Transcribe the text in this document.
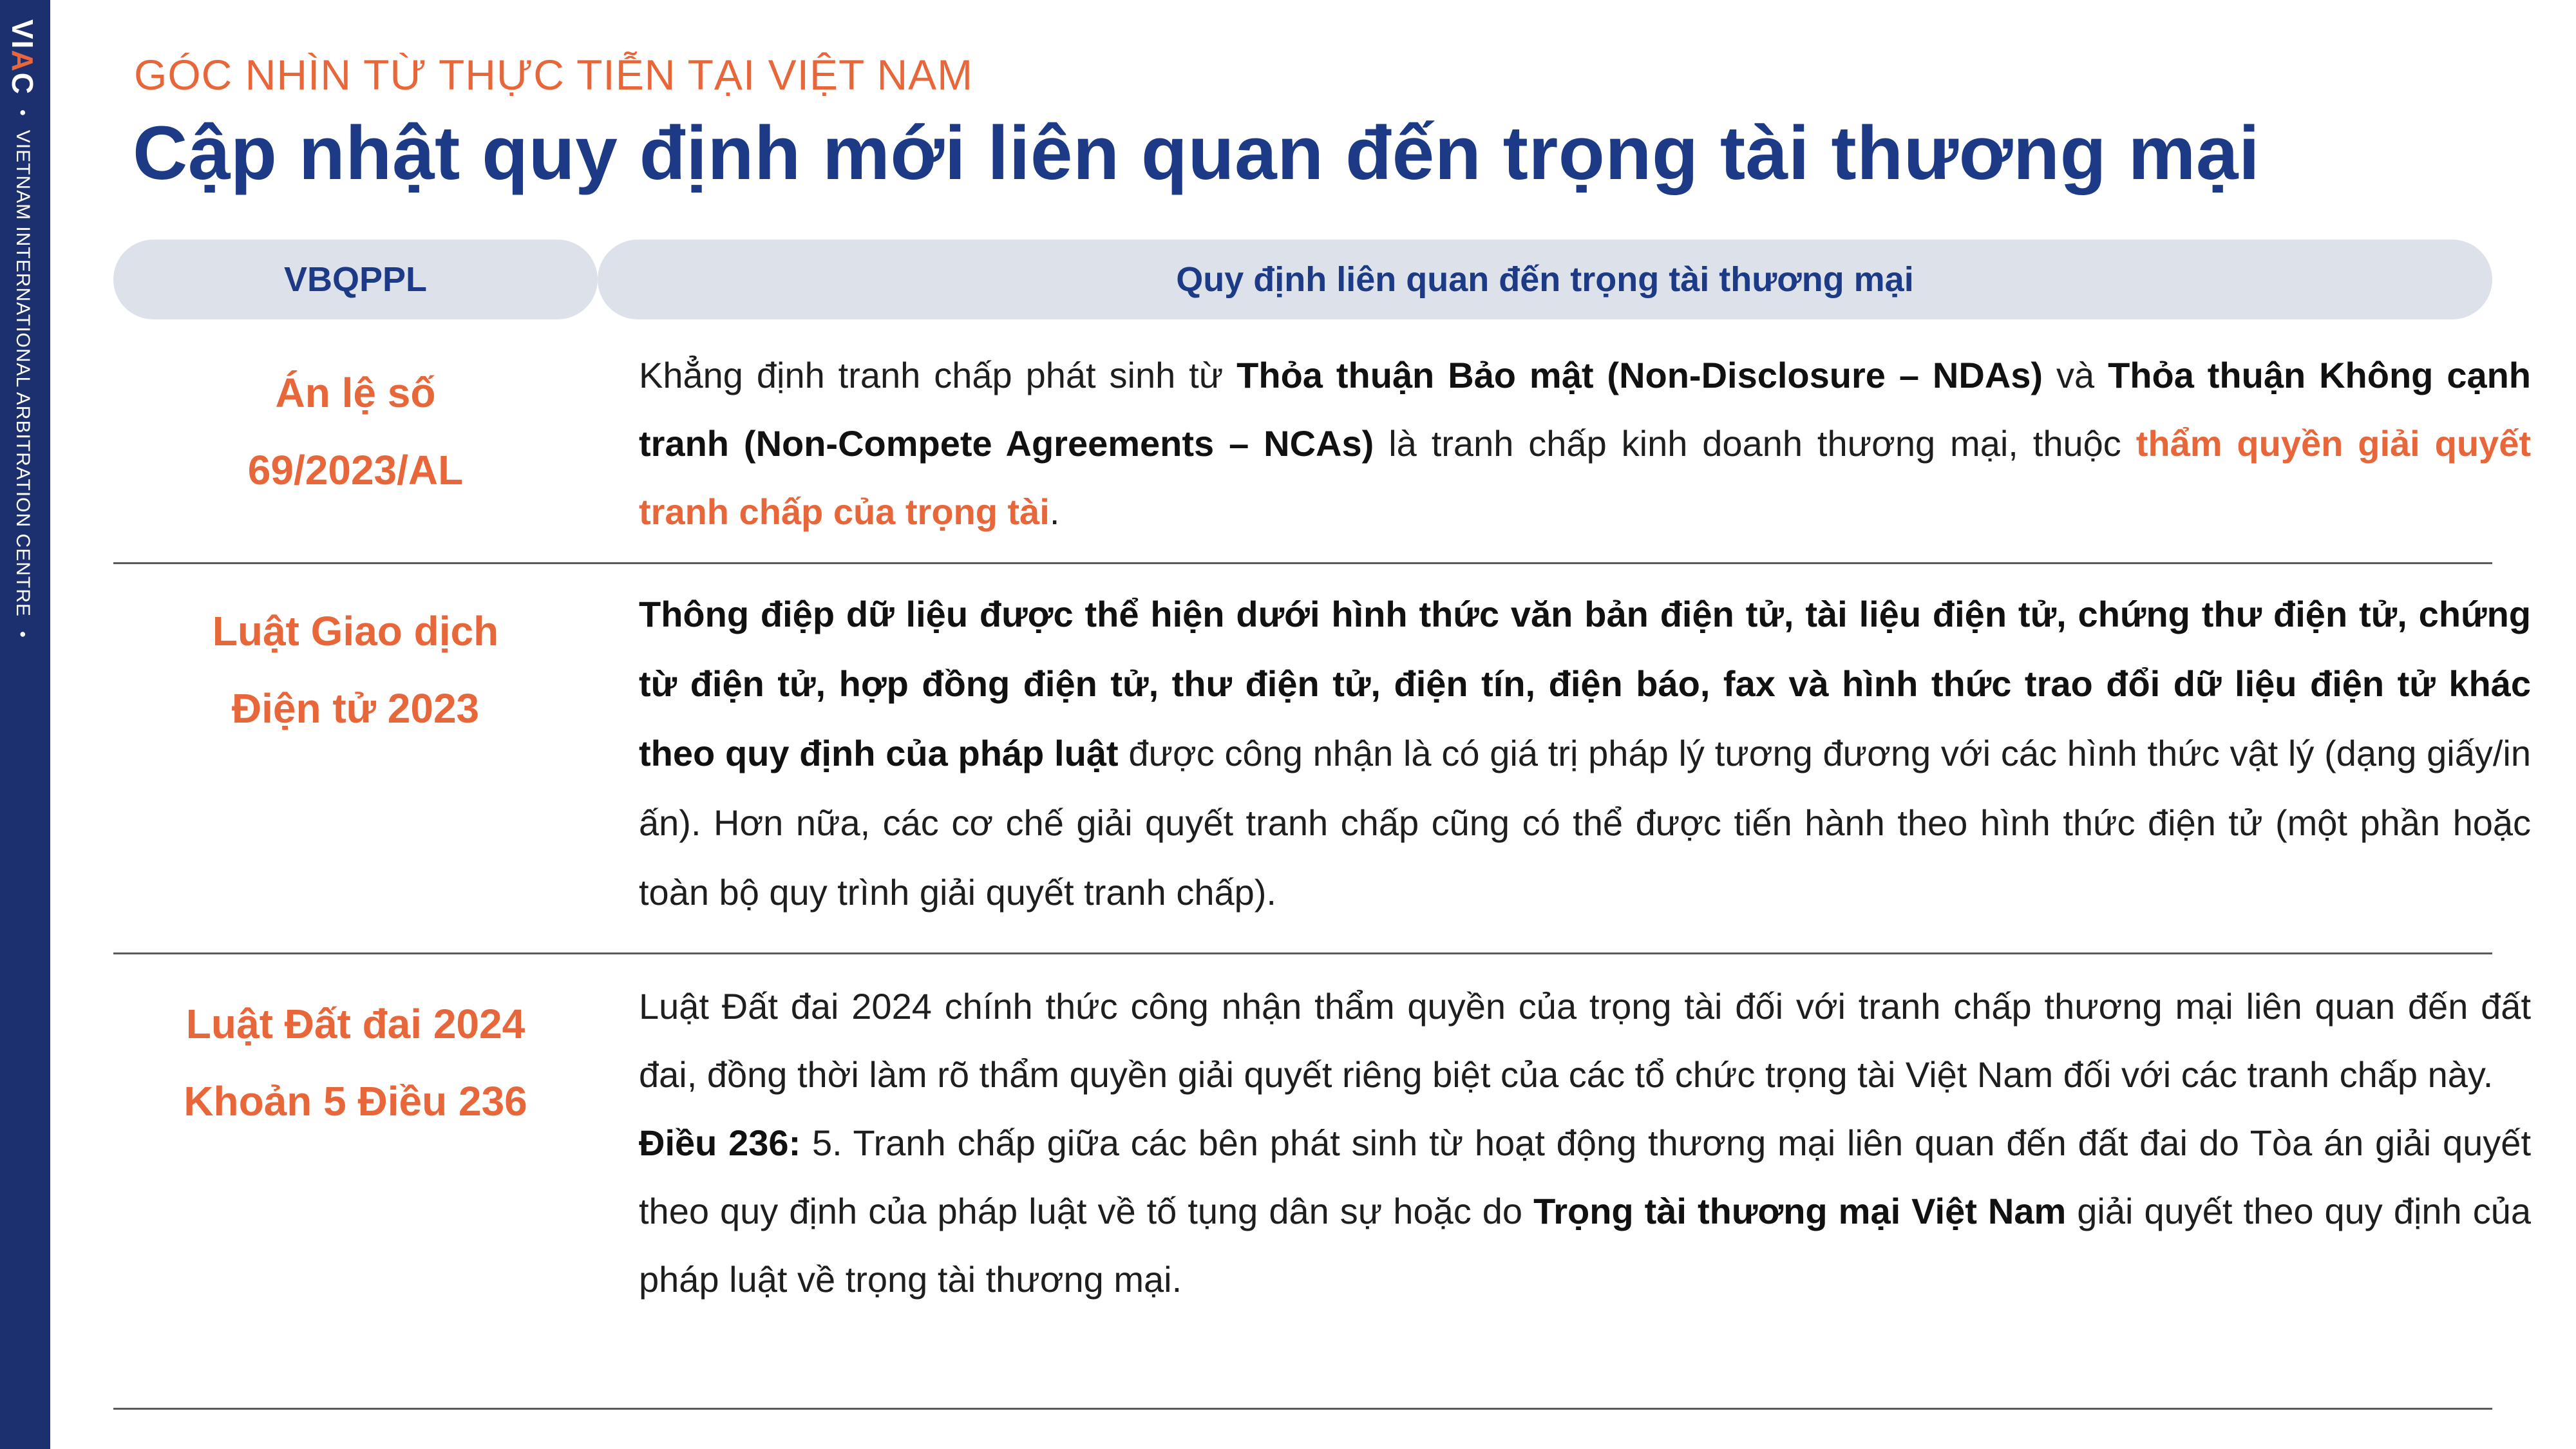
VIAC
•
VIETNAM INTERNATIONAL ARBITRATION CENTRE
•
GÓC NHÌN TỪ THỰC TIỄN TẠI VIỆT NAM
Cập nhật quy định mới liên quan đến trọng tài thương mại
VBQPPL	Quy định liên quan đến trọng tài thương mại
Án lệ số
69/2023/AL
Khẳng định tranh chấp phát sinh từ Thỏa thuận Bảo mật (Non-Disclosure – NDAs) và Thỏa thuận Không cạnh tranh (Non-Compete Agreements – NCAs) là tranh chấp kinh doanh thương mại, thuộc thẩm quyền giải quyết tranh chấp của trọng tài.
Luật Giao dịch
Điện tử 2023
Thông điệp dữ liệu được thể hiện dưới hình thức văn bản điện tử, tài liệu điện tử, chứng thư điện tử, chứng từ điện tử, hợp đồng điện tử, thư điện tử, điện tín, điện báo, fax và hình thức trao đổi dữ liệu điện tử khác theo quy định của pháp luật được công nhận là có giá trị pháp lý tương đương với các hình thức vật lý (dạng giấy/in ấn). Hơn nữa, các cơ chế giải quyết tranh chấp cũng có thể được tiến hành theo hình thức điện tử (một phần hoặc toàn bộ quy trình giải quyết tranh chấp).
Luật Đất đai 2024
Khoản 5 Điều 236
Luật Đất đai 2024 chính thức công nhận thẩm quyền của trọng tài đối với tranh chấp thương mại liên quan đến đất đai, đồng thời làm rõ thẩm quyền giải quyết riêng biệt của các tổ chức trọng tài Việt Nam đối với các tranh chấp này.
Điều 236: 5. Tranh chấp giữa các bên phát sinh từ hoạt động thương mại liên quan đến đất đai do Tòa án giải quyết theo quy định của pháp luật về tố tụng dân sự hoặc do Trọng tài thương mại Việt Nam giải quyết theo quy định của pháp luật về trọng tài thương mại.
